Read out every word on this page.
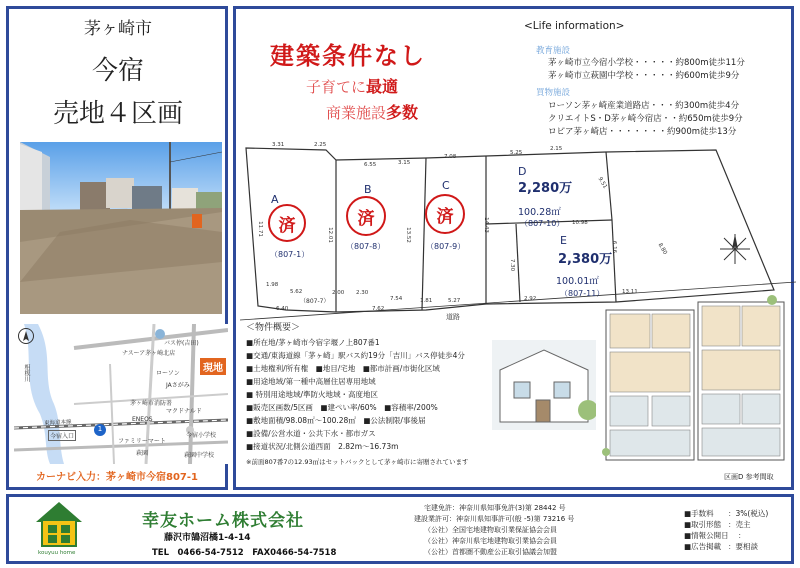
茅ヶ崎市
今宿
売地４区画
ナスーア茅ヶ崎北店
バス停(吉田)
ローソン
JAさがみ
茅ヶ崎市消防署
マクドナルド
ENEOS
ファミリーマート
今宿小学校
萩園中学校
今宿入口
萩園
東海道本線
相模川
1
現地
カーナビ入力：茅ヶ崎市今宿807-1
建築条件なし
子育てに最適
商業施設多数
<Life information>
教育施設
茅ヶ崎市立今宿小学校・・・・・約800m徒歩11分
茅ヶ崎市立萩園中学校・・・・・約600m徒歩9分
買物施設
ローソン茅ヶ崎産業道路店・・・約300m徒歩4分
クリエイトS・D茅ヶ崎今宿店・・約650m徒歩9分
ロピア茅ヶ崎店・・・・・・・約900m徒歩13分
3.31	2.25
6.55	3.15
7.08
5.25
2.15
9.51
8.80
13.11
2.92
5.27
1.81
7.54
2.30
2.00
7.62
6.40
1.98
5.62
11.71	12.01	13.52
14.43	10.98
7.30
6.16
（807-7）
A
済
（807-1）
B
済
（807-8）
C
済
（807-9）
D
2,280万
100.28㎡
（807-10）
E
2,380万
100.01㎡
（807-11）
道路
＜物件概要＞
■所在地/茅ヶ崎市今宿字堰ノ上807番1
■交通/東海道線「茅ヶ崎」駅バス約19分「吉川」バス停徒歩4分
■土地権利/所有権　■地目/宅地　■都市計画/市街化区域
■用途地域/第一種中高層住居専用地域
■ 特別用途地域/準防火地域・高度地区
■販売区画数/5区画　■建ぺい率/60%　■容積率/200%
■敷地面積/98.08㎡～100.28㎡　■公法制限/事後届
■設備/公営水道・公共下水・都市ガス
■接道状況/北側公道西面　2.82m～16.73m
※前面807番7の12.93㎡はセットバックとして茅ヶ崎市に寄贈されています
区画D 参考間取
kouyuu home
幸友ホーム株式会社
藤沢市鵠沼橘1-4-14
TEL　0466-54-7512　FAX0466-54-7518
宅建免許：神奈川県知事免許(3)第 28442 号
建設業許可：神奈川県知事許可(般 -5)第 73216 号
（公社）全国宅地建物取引業保証協会会員
（公社）神奈川県宅地建物取引業協会会員
（公社）首都圏不動産公正取引協議会加盟
■手数料 ：3%(税込)
■取引形態 ：売主
■情報公開日 ：
■広告掲載 ：要相談
